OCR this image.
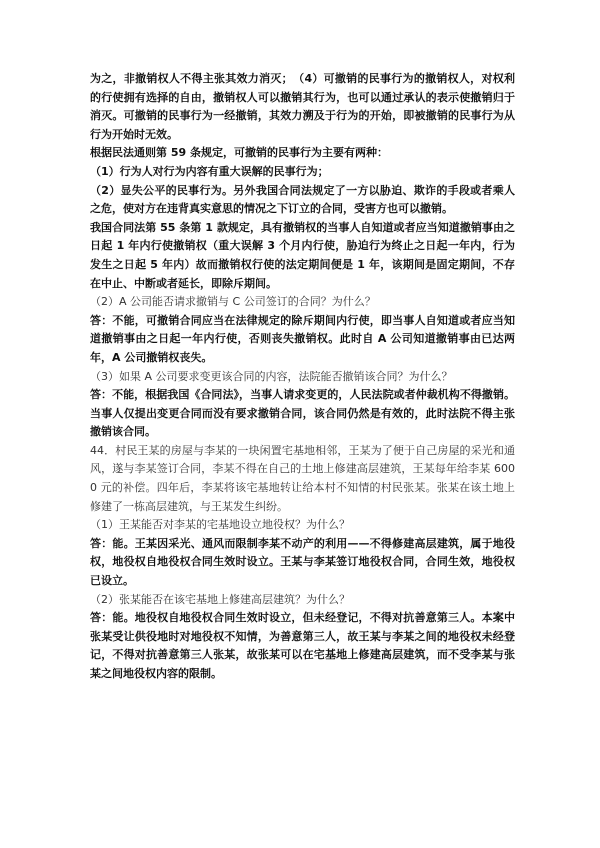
为之，非撤销权人不得主张其效力消灭；　（4）可撤销的民事行为的撤销权人，对权利的行使拥有选择的自由，撤销权人可以撤销其行为，也可以通过承认的表示使撤销归于消灭。可撤销的民事行为一经撤销，其效力溯及于行为的开始，即被撤销的民事行为从行为开始时无效。

根据民法通则第 59 条规定，可撤销的民事行为主要有两种：

（1）行为人对行为内容有重大误解的民事行为；

（2）显失公平的民事行为。另外我国合同法规定了一方以胁迫、欺诈的手段或者乘人之危，使对方在违背真实意思的情况之下订立的合同，受害方也可以撤销。

我国合同法第 55 条第 1 款规定，具有撤销权的当事人自知道或者应当知道撤销事由之日起 1 年内行使撤销权（重大误解 3 个月内行使，胁迫行为终止之日起一年内，行为发生之日起 5 年内）故而撤销权行使的法定期间便是 1 年，该期间是固定期间，不存在中止、中断或者延长，即除斥期间。

（2）A 公司能否请求撤销与 C 公司签订的合同？为什么？

答：不能，可撤销合同应当在法律规定的除斥期间内行使，即当事人自知道或者应当知道撤销事由之日起一年内行使，否则丧失撤销权。此时自 A 公司知道撤销事由已达两年，A 公司撤销权丧失。

（3）如果 A 公司要求变更该合同的内容，法院能否撤销该合同？为什么？

答：不能，根据我国《合同法》，当事人请求变更的，人民法院或者仲裁机构不得撤销。当事人仅提出变更合同而没有要求撤销合同，该合同仍然是有效的，此时法院不得主张撤销该合同。

44．村民王某的房屋与李某的一块闲置宅基地相邻，王某为了便于自己房屋的采光和通风，遂与李某签订合同，李某不得在自己的土地上修建高层建筑，王某每年给李某 6000 元的补偿。四年后，李某将该宅基地转让给本村不知情的村民张某。张某在该土地上修建了一栋高层建筑，与王某发生纠纷。

（1）王某能否对李某的宅基地设立地役权？为什么？

答：能。王某因采光、通风而限制李某不动产的利用——不得修建高层建筑，属于地役权，地役权自地役权合同生效时设立。王某与李某签订地役权合同，合同生效，地役权已设立。

（2）张某能否在该宅基地上修建高层建筑？为什么？

答：能。地役权自地役权合同生效时设立，但未经登记，不得对抗善意第三人。本案中张某受让供役地时对地役权不知情，为善意第三人，故王某与李某之间的地役权未经登记，不得对抗善意第三人张某，故张某可以在宅基地上修建高层建筑，而不受李某与张某之间地役权内容的限制。
